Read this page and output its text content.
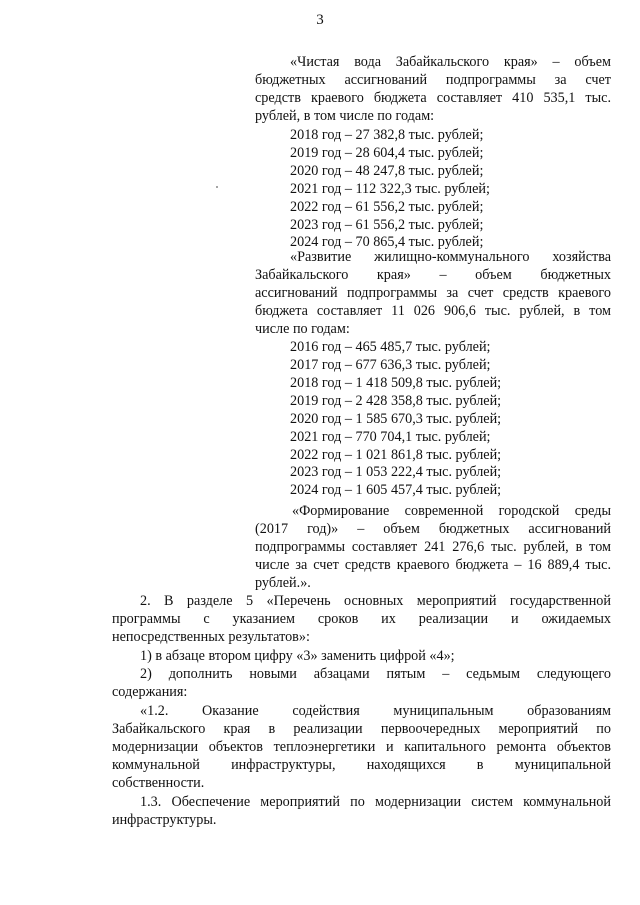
3
«Чистая вода Забайкальского края» – объем
бюджетных ассигнований подпрограммы за счет
средств краевого бюджета составляет 410 535,1 тыс.
рублей, в том числе по годам:
2018 год – 27 382,8 тыс. рублей;
2019 год – 28 604,4 тыс. рублей;
2020 год – 48 247,8 тыс. рублей;
2021 год – 112 322,3 тыс. рублей;
2022 год – 61 556,2 тыс. рублей;
2023 год – 61 556,2 тыс. рублей;
2024 год – 70 865,4 тыс. рублей;
«Развитие жилищно-коммунального хозяйства
Забайкальского края» – объем бюджетных
ассигнований подпрограммы за счет средств краевого
бюджета составляет 11 026 906,6 тыс. рублей, в том
числе по годам:
2016 год – 465 485,7 тыс. рублей;
2017 год – 677 636,3 тыс. рублей;
2018 год – 1 418 509,8 тыс. рублей;
2019 год – 2 428 358,8 тыс. рублей;
2020 год – 1 585 670,3 тыс. рублей;
2021 год – 770 704,1 тыс. рублей;
2022 год – 1 021 861,8 тыс. рублей;
2023 год – 1 053 222,4 тыс. рублей;
2024 год – 1 605 457,4 тыс. рублей;
«Формирование современной городской среды
(2017 год)» – объем бюджетных ассигнований
подпрограммы составляет 241 276,6 тыс. рублей, в том
числе за счет средств краевого бюджета – 16 889,4 тыс.
рублей.».
2. В разделе 5 «Перечень основных мероприятий государственной
программы с указанием сроков их реализации и ожидаемых
непосредственных результатов»:
1) в абзаце втором цифру «3» заменить цифрой «4»;
2) дополнить новыми абзацами пятым – седьмым следующего
содержания:
«1.2. Оказание содействия муниципальным образованиям
Забайкальского края в реализации первоочередных мероприятий по
модернизации объектов теплоэнергетики и капитального ремонта объектов
коммунальной инфраструктуры, находящихся в муниципальной
собственности.
1.3. Обеспечение мероприятий по модернизации систем коммунальной
инфраструктуры.
